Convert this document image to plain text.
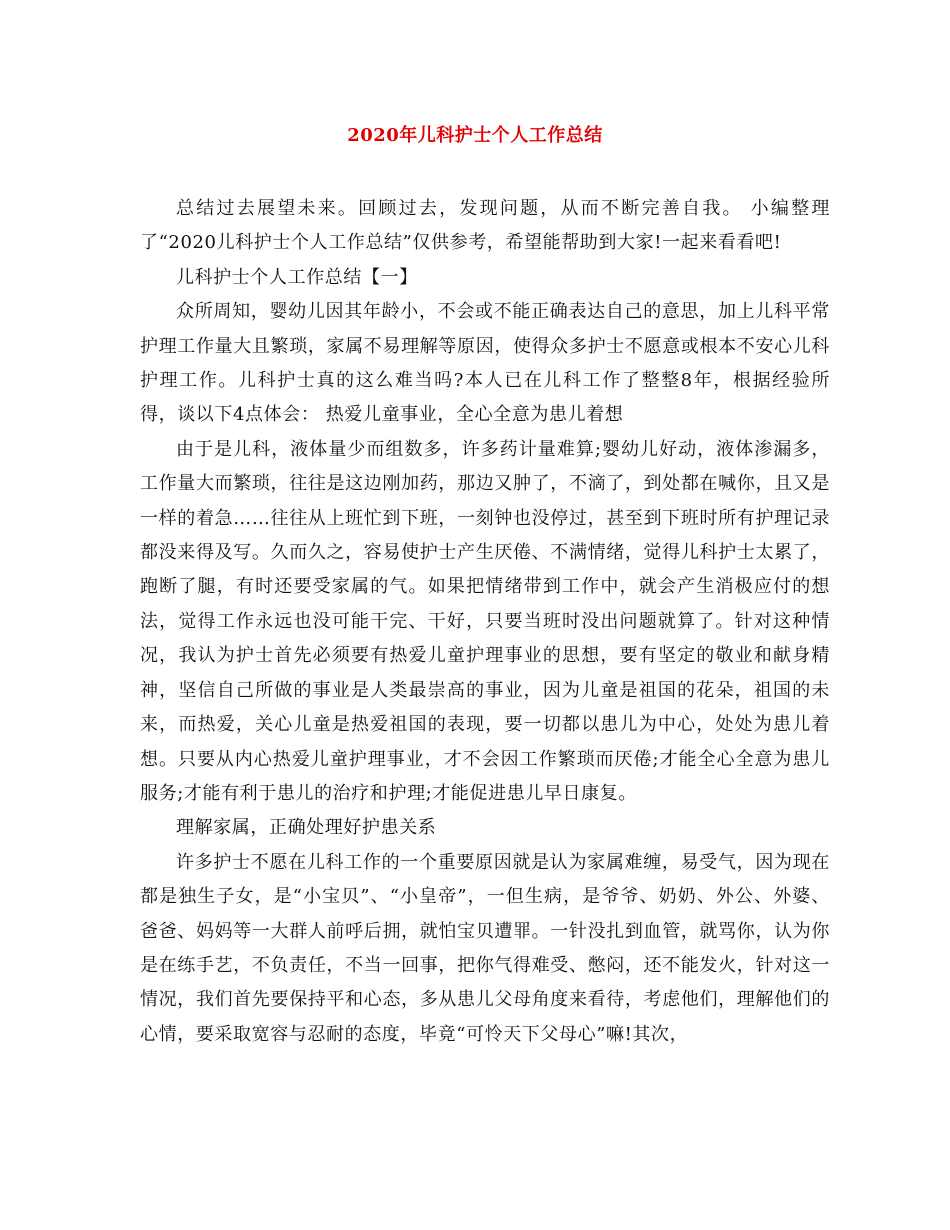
2020年儿科护士个人工作总结

总结过去展望未来。回顾过去，发现问题，从而不断完善自我。 小编整理了“2020儿科护士个人工作总结”仅供参考，希望能帮助到大家!一起来看看吧!

儿科护士个人工作总结【一】

众所周知，婴幼儿因其年龄小，不会或不能正确表达自己的意思，加上儿科平常护理工作量大且繁琐，家属不易理解等原因，使得众多护士不愿意或根本不安心儿科护理工作。儿科护士真的这么难当吗?本人已在儿科工作了整整8年，根据经验所得，谈以下4点体会： 热爱儿童事业，全心全意为患儿着想

由于是儿科，液体量少而组数多，许多药计量难算;婴幼儿好动，液体渗漏多，工作量大而繁琐，往往是这边刚加药，那边又肿了，不滴了，到处都在喊你，且又是一样的着急……往往从上班忙到下班，一刻钟也没停过，甚至到下班时所有护理记录都没来得及写。久而久之，容易使护士产生厌倦、不满情绪，觉得儿科护士太累了，跑断了腿，有时还要受家属的气。如果把情绪带到工作中，就会产生消极应付的想法，觉得工作永远也没可能干完、干好，只要当班时没出问题就算了。针对这种情况，我认为护士首先必须要有热爱儿童护理事业的思想，要有坚定的敬业和献身精神，坚信自己所做的事业是人类最崇高的事业，因为儿童是祖国的花朵，祖国的未来，而热爱，关心儿童是热爱祖国的表现，要一切都以患儿为中心，处处为患儿着想。只要从内心热爱儿童护理事业，才不会因工作繁琐而厌倦;才能全心全意为患儿服务;才能有利于患儿的治疗和护理;才能促进患儿早日康复。

理解家属，正确处理好护患关系

许多护士不愿在儿科工作的一个重要原因就是认为家属难缠，易受气，因为现在都是独生子女，是“小宝贝”、“小皇帝”，一但生病，是爷爷、奶奶、外公、外婆、爸爸、妈妈等一大群人前呼后拥，就怕宝贝遭罪。一针没扎到血管，就骂你，认为你是在练手艺，不负责任，不当一回事，把你气得难受、憋闷，还不能发火，针对这一情况，我们首先要保持平和心态，多从患儿父母角度来看待，考虑他们，理解他们的心情，要采取宽容与忍耐的态度，毕竟“可怜天下父母心”嘛!其次，
